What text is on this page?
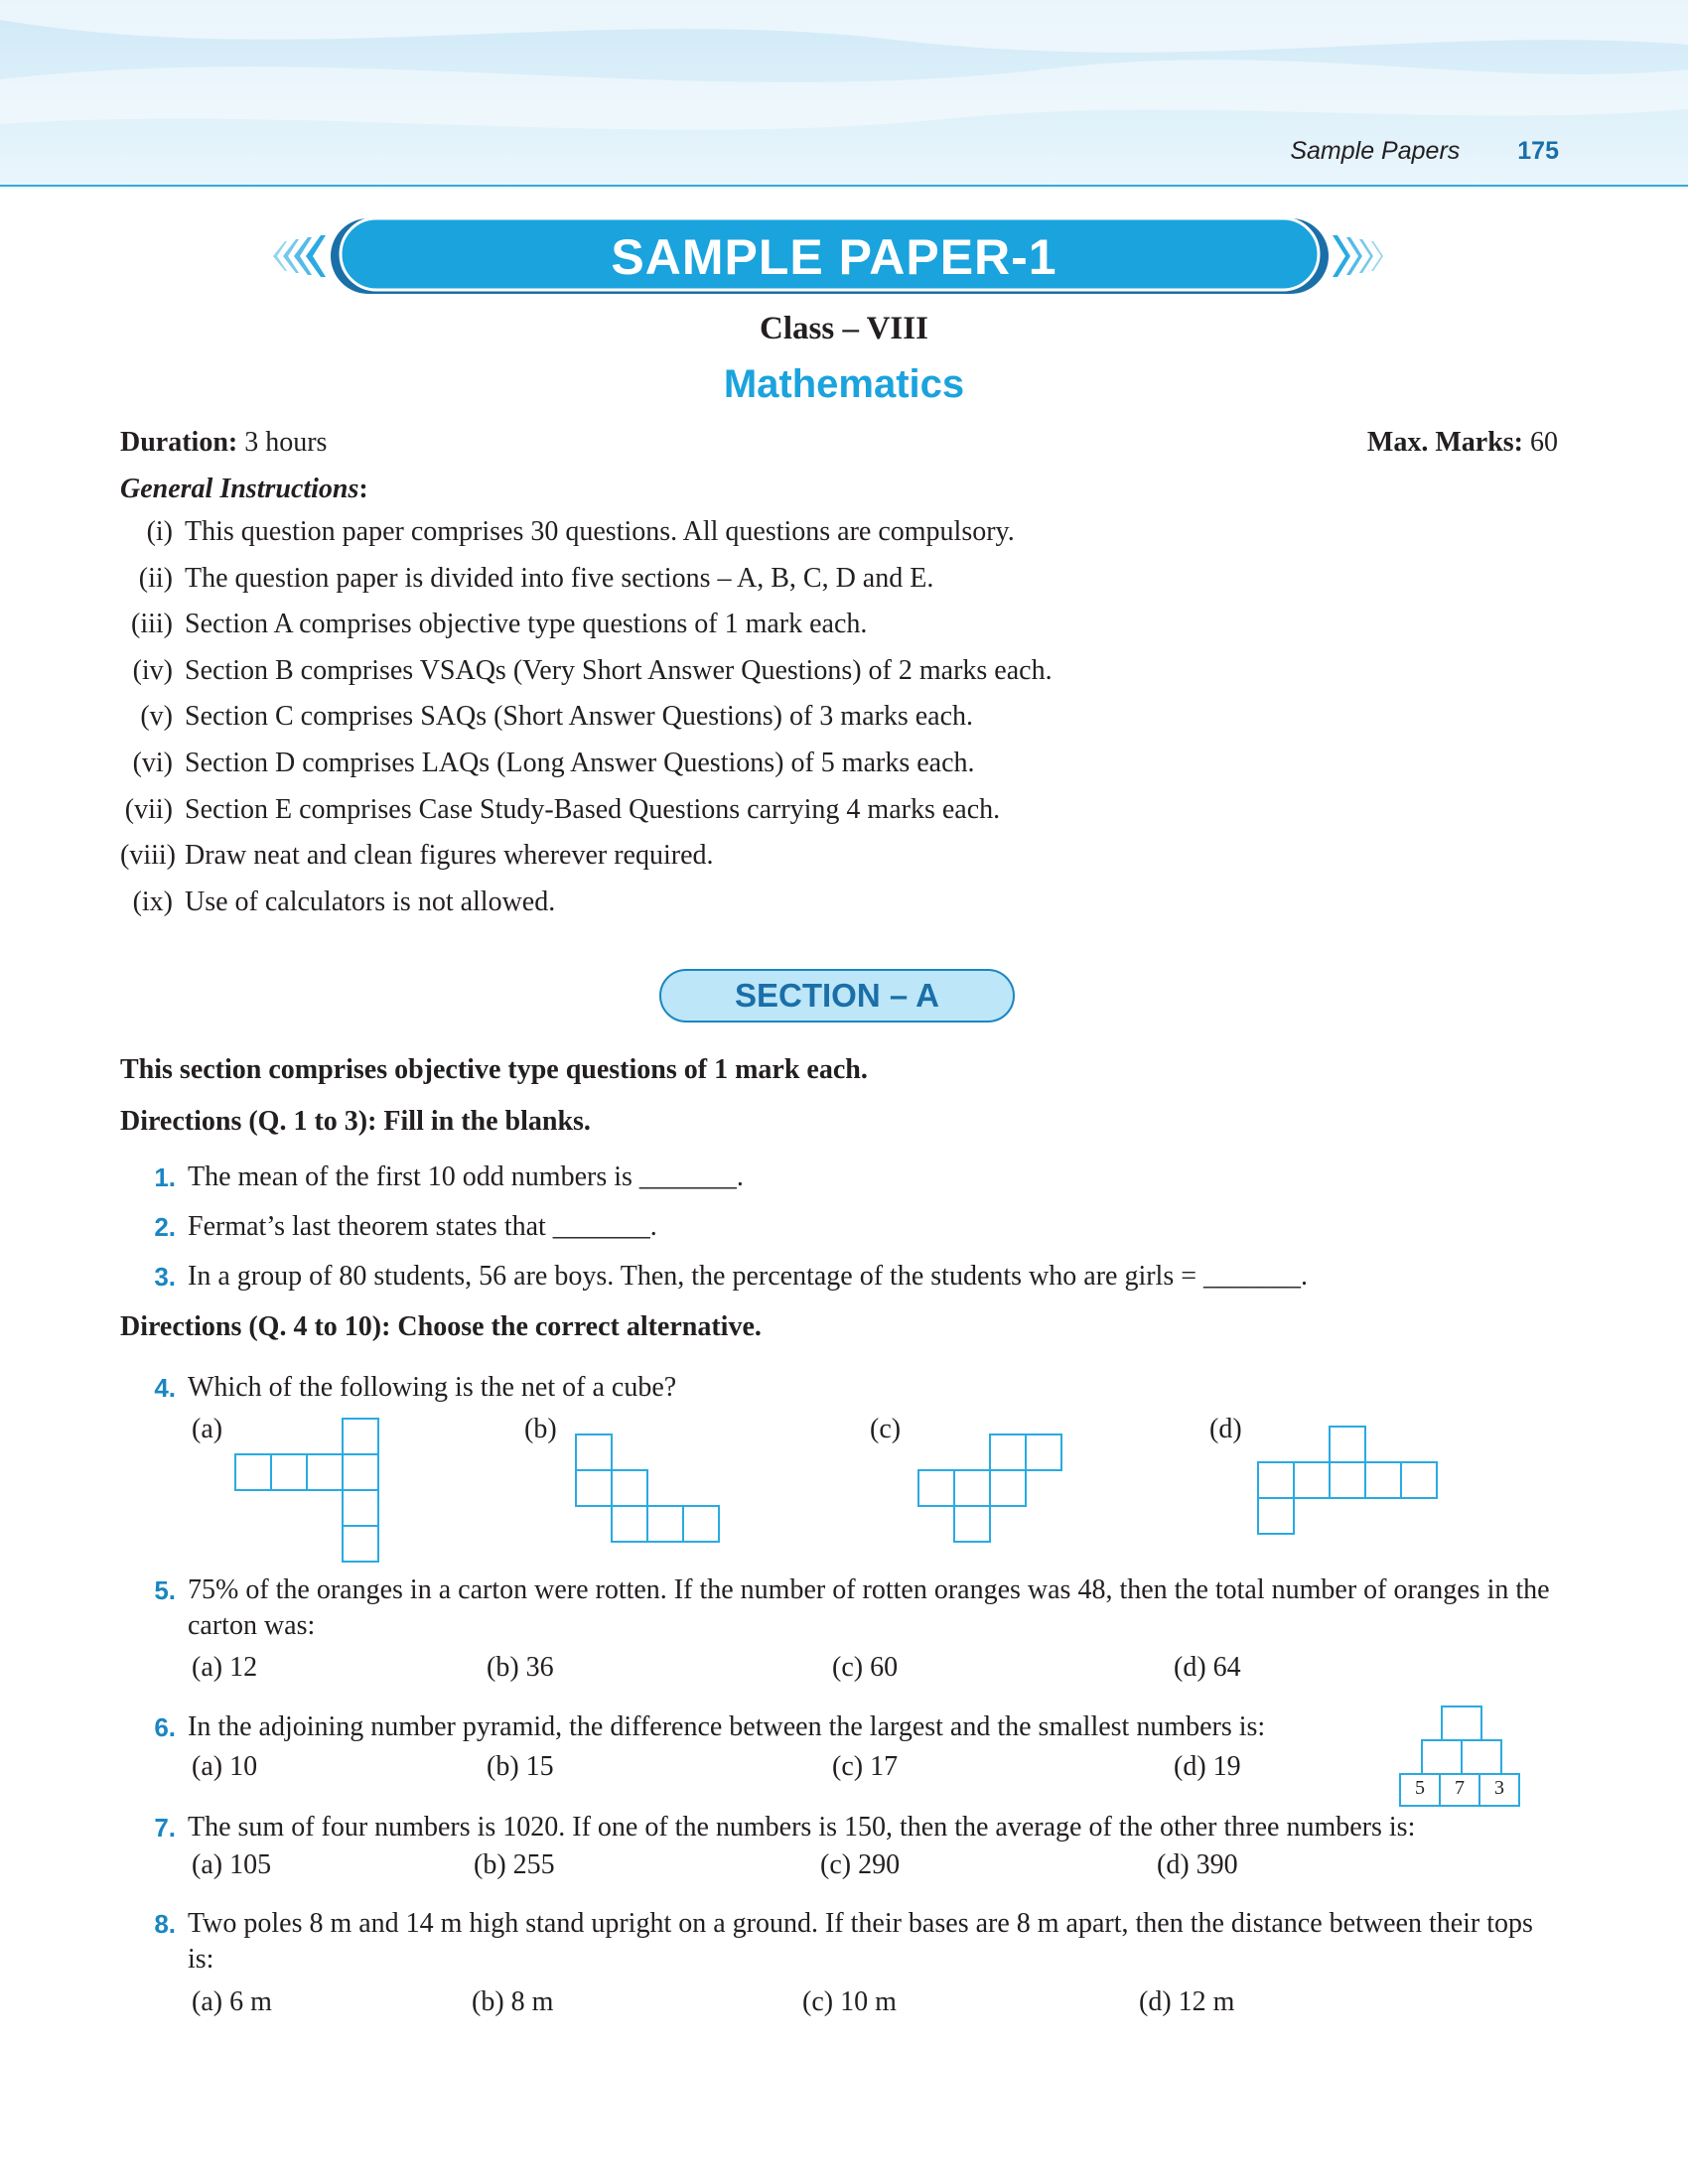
Sample Papers 175
SAMPLE PAPER-1
Class – VIII
Mathematics
Duration: 3 hours	Max. Marks: 60
General Instructions:
(i) This question paper comprises 30 questions. All questions are compulsory.
(ii) The question paper is divided into five sections – A, B, C, D and E.
(iii) Section A comprises objective type questions of 1 mark each.
(iv) Section B comprises VSAQs (Very Short Answer Questions) of 2 marks each.
(v) Section C comprises SAQs (Short Answer Questions) of 3 marks each.
(vi) Section D comprises LAQs (Long Answer Questions) of 5 marks each.
(vii) Section E comprises Case Study-Based Questions carrying 4 marks each.
(viii) Draw neat and clean figures wherever required.
(ix) Use of calculators is not allowed.
SECTION – A
This section comprises objective type questions of 1 mark each.
Directions (Q. 1 to 3): Fill in the blanks.
1. The mean of the first 10 odd numbers is _______.
2. Fermat’s last theorem states that _______.
3. In a group of 80 students, 56 are boys. Then, the percentage of the students who are girls = _______.
Directions (Q. 4 to 10): Choose the correct alternative.
4. Which of the following is the net of a cube?
(a)	(b)	(c)	(d)
5. 75% of the oranges in a carton were rotten. If the number of rotten oranges was 48, then the total number of oranges in the carton was:
(a) 12	(b) 36	(c) 60	(d) 64
6. In the adjoining number pyramid, the difference between the largest and the smallest numbers is:
(a) 10	(b) 15	(c) 17	(d) 19
5	7	3
7. The sum of four numbers is 1020. If one of the numbers is 150, then the average of the other three numbers is:
(a) 105	(b) 255	(c) 290	(d) 390
8. Two poles 8 m and 14 m high stand upright on a ground. If their bases are 8 m apart, then the distance between their tops is:
(a) 6 m	(b) 8 m	(c) 10 m	(d) 12 m
